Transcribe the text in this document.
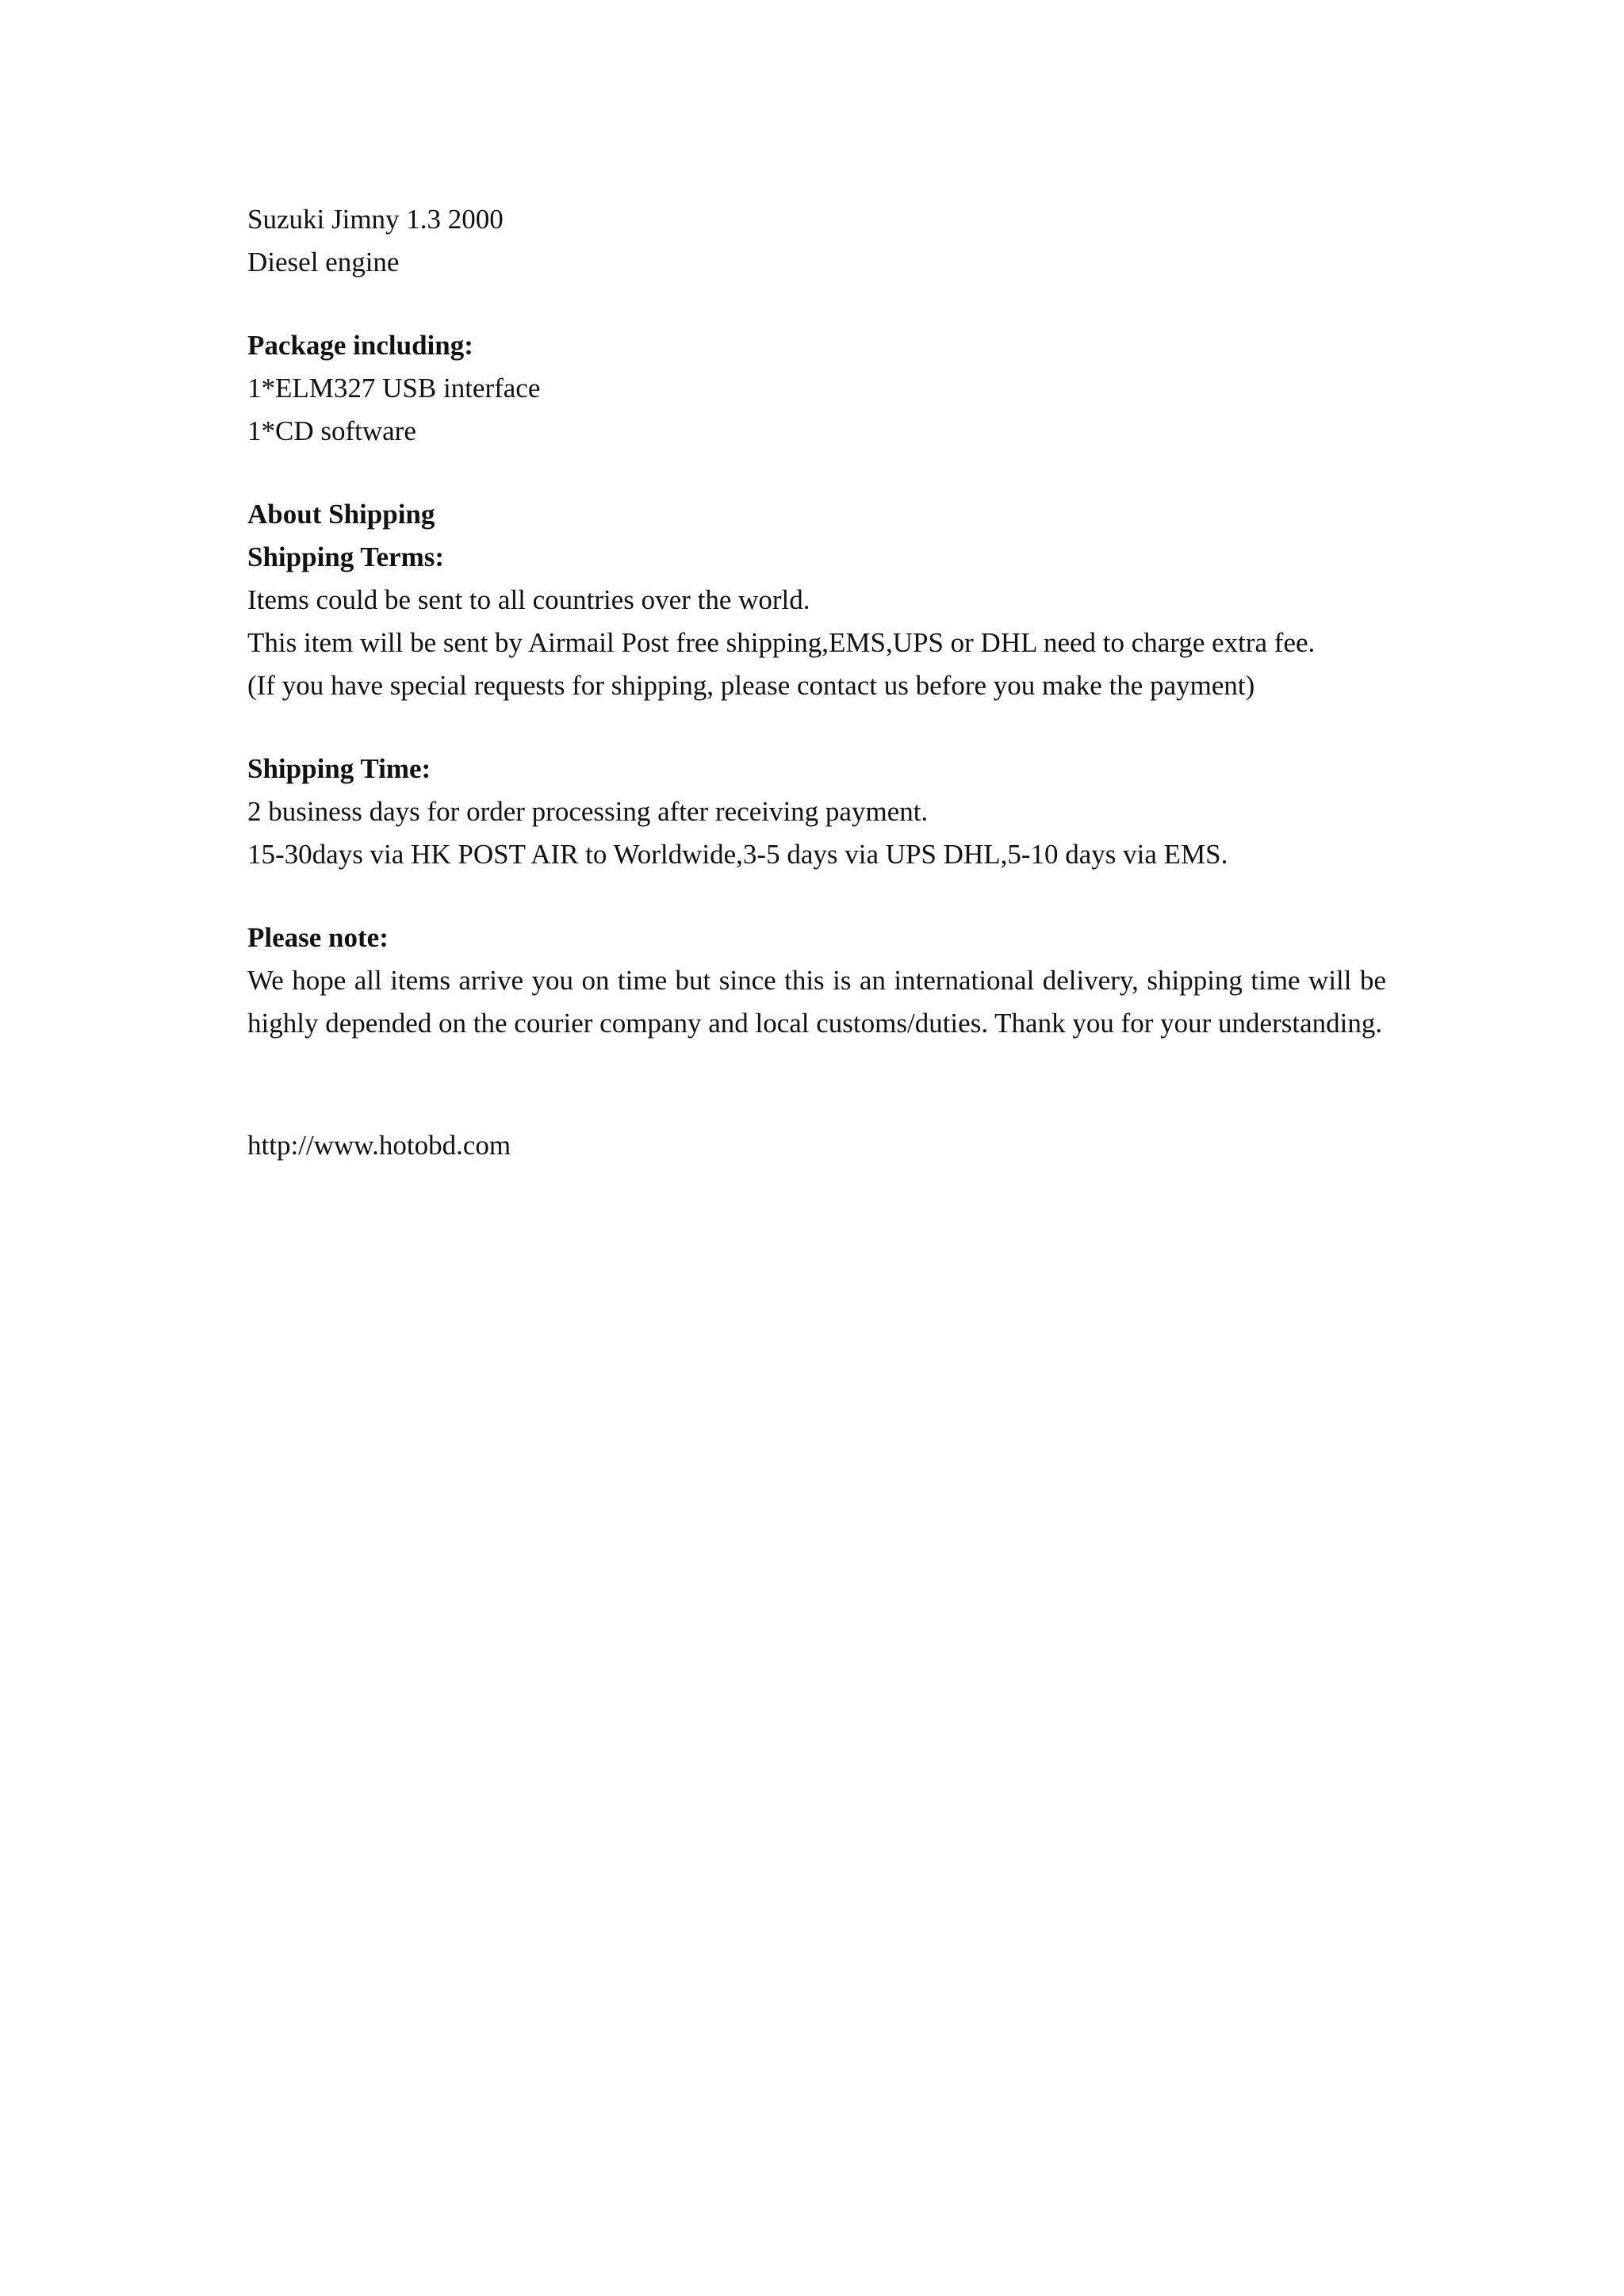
Suzuki Jimny 1.3 2000
Diesel engine
Package including:
1*ELM327 USB interface
1*CD software
About Shipping
Shipping Terms:
Items could be sent to all countries over the world.
This item will be sent by Airmail Post free shipping,EMS,UPS or DHL need to charge extra fee.
(If you have special requests for shipping, please contact us before you make the payment)
Shipping Time:
2 business days for order processing after receiving payment.
15-30days via HK POST AIR to Worldwide,3-5 days via UPS DHL,5-10 days via EMS.
Please note:
We hope all items arrive you on time but since this is an international delivery, shipping time will be highly depended on the courier company and local customs/duties. Thank you for your understanding.
http://www.hotobd.com
